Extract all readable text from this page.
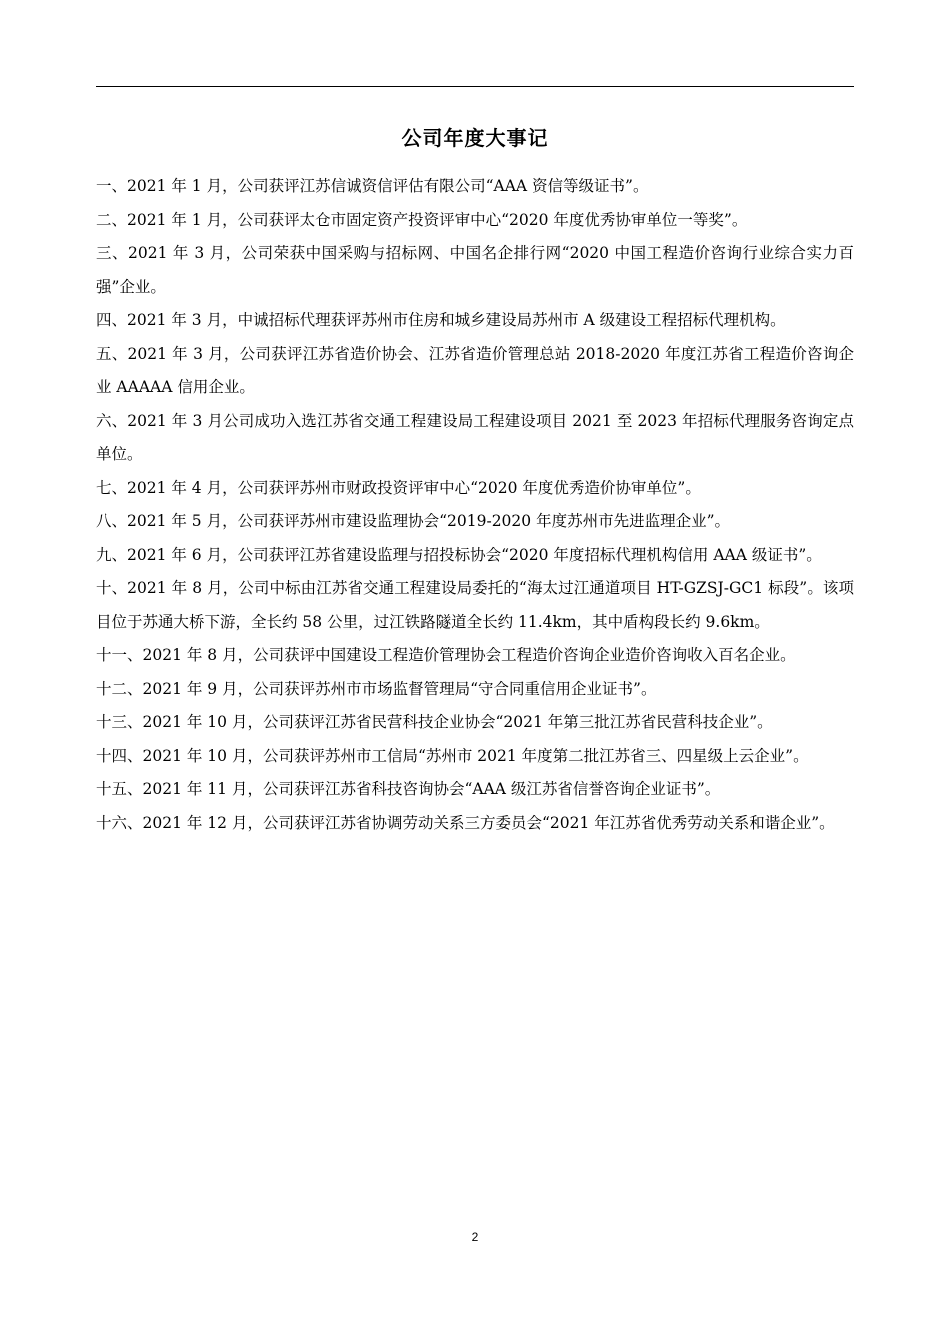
公司年度大事记
一、2021 年 1 月，公司获评江苏信诚资信评估有限公司“AAA 资信等级证书”。
二、2021 年 1 月，公司获评太仓市固定资产投资评审中心“2020 年度优秀协审单位一等奖”。
三、2021 年 3 月，公司荣获中国采购与招标网、中国名企排行网“2020 中国工程造价咨询行业综合实力百强”企业。
四、2021 年 3 月，中诚招标代理获评苏州市住房和城乡建设局苏州市 A 级建设工程招标代理机构。
五、2021 年 3 月，公司获评江苏省造价协会、江苏省造价管理总站 2018-2020 年度江苏省工程造价咨询企业 AAAAA 信用企业。
六、2021 年 3 月公司成功入选江苏省交通工程建设局工程建设项目 2021 至 2023 年招标代理服务咨询定点单位。
七、2021 年 4 月，公司获评苏州市财政投资评审中心“2020 年度优秀造价协审单位”。
八、2021 年 5 月，公司获评苏州市建设监理协会“2019-2020 年度苏州市先进监理企业”。
九、2021 年 6 月，公司获评江苏省建设监理与招投标协会“2020 年度招标代理机构信用 AAA 级证书”。
十、2021 年 8 月，公司中标由江苏省交通工程建设局委托的“海太过江通道项目 HT-GZSJ-GC1 标段”。该项目位于苏通大桥下游，全长约 58 公里，过江铁路隧道全长约 11.4km，其中盾构段长约 9.6km。
十一、2021 年 8 月，公司获评中国建设工程造价管理协会工程造价咨询企业造价咨询收入百名企业。
十二、2021 年 9 月，公司获评苏州市市场监督管理局“守合同重信用企业证书”。
十三、2021 年 10 月，公司获评江苏省民营科技企业协会“2021 年第三批江苏省民营科技企业”。
十四、2021 年 10 月，公司获评苏州市工信局“苏州市 2021 年度第二批江苏省三、四星级上云企业”。
十五、2021 年 11 月，公司获评江苏省科技咨询协会“AAA 级江苏省信誉咨询企业证书”。
十六、2021 年 12 月，公司获评江苏省协调劳动关系三方委员会“2021 年江苏省优秀劳动关系和谐企业”。
2
